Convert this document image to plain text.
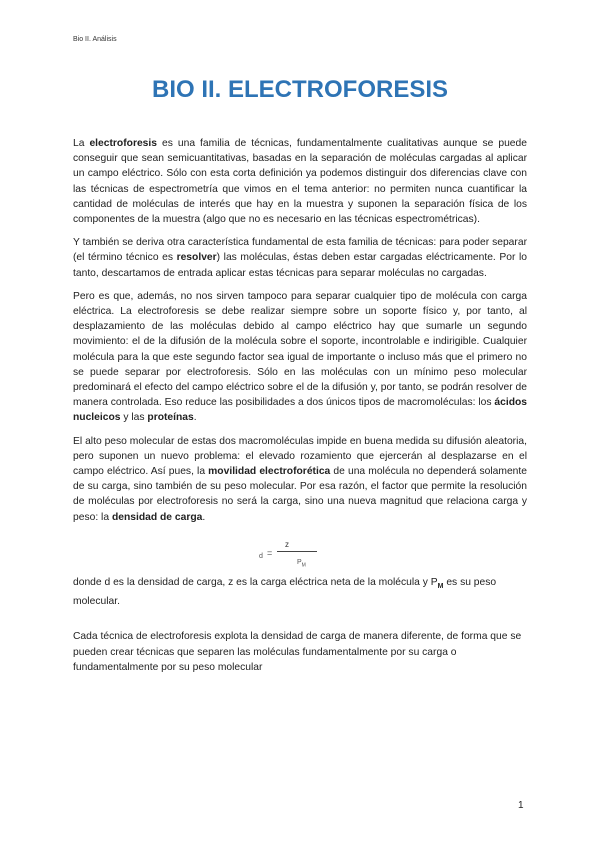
Bio II. Análisis
BIO II. ELECTROFORESIS

La electroforesis es una familia de técnicas, fundamentalmente cualitativas aunque se puede conseguir que sean semicuantitativas, basadas en la separación de moléculas cargadas al aplicar un campo eléctrico. Sólo con esta corta definición ya podemos distinguir dos diferencias clave con las técnicas de espectrometría que vimos en el tema anterior: no permiten nunca cuantificar la cantidad de moléculas de interés que hay en la muestra y suponen la separación física de los componentes de la muestra (algo que no es necesario en las técnicas espectrométricas).

Y también se deriva otra característica fundamental de esta familia de técnicas: para poder separar (el término técnico es resolver) las moléculas, éstas deben estar cargadas eléctricamente. Por lo tanto, descartamos de entrada aplicar estas técnicas para separar moléculas no cargadas.

Pero es que, además, no nos sirven tampoco para separar cualquier tipo de molécula con carga eléctrica. La electroforesis se debe realizar siempre sobre un soporte físico y, por tanto, al desplazamiento de las moléculas debido al campo eléctrico hay que sumarle un segundo movimiento: el de la difusión de la molécula sobre el soporte, incontrolable e indirigible. Cualquier molécula para la que este segundo factor sea igual de importante o incluso más que el primero no se puede separar por electroforesis. Sólo en las moléculas con un mínimo peso molecular predominará el efecto del campo eléctrico sobre el de la difusión y, por tanto, se podrán resolver de manera controlada. Eso reduce las posibilidades a dos únicos tipos de macromoléculas: los ácidos nucleicos y las proteínas.

El alto peso molecular de estas dos macromoléculas impide en buena medida su difusión aleatoria, pero suponen un nuevo problema: el elevado rozamiento que ejercerán al desplazarse en el campo eléctrico. Así pues, la movilidad electroforética de una molécula no dependerá solamente de su carga, sino también de su peso molecular. Por esa razón, el factor que permite la resolución de moléculas por electroforesis no será la carga, sino una nueva magnitud que relaciona carga y peso: la densidad de carga.

d =
z
$P_M$

donde d es la densidad de carga, z es la carga eléctrica neta de la molécula y $P_M$ es su peso molecular.

Cada técnica de electroforesis explota la densidad de carga de manera diferente, de forma que se pueden crear técnicas que separen las moléculas fundamentalmente por su carga o fundamentalmente por su peso molecular

1
